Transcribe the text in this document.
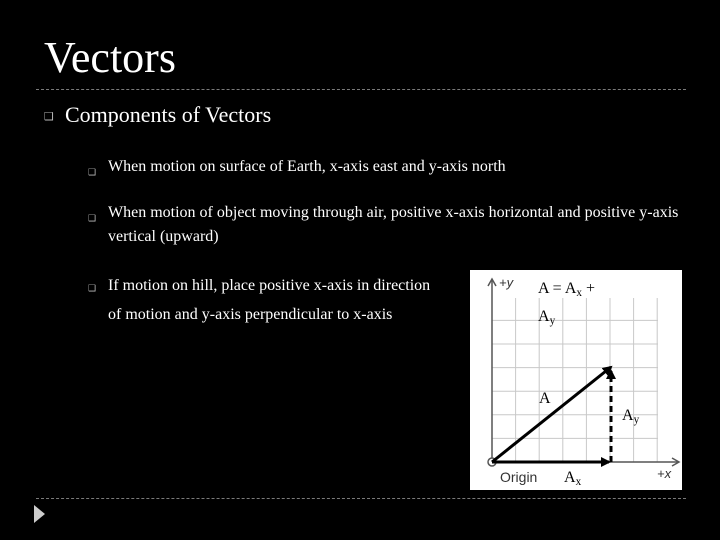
Vectors
❑ Components of Vectors
❑ When motion on surface of Earth, x-axis east and y-axis north
❑ When motion of object moving through air, positive x-axis horizontal and positive y-axis vertical (upward)
❑ If motion on hill, place positive x-axis in direction of motion and y-axis perpendicular to x-axis
+y
+x
Origin
$A = A_x$ +
$A_y$
A
$A_y$
$A_x$
